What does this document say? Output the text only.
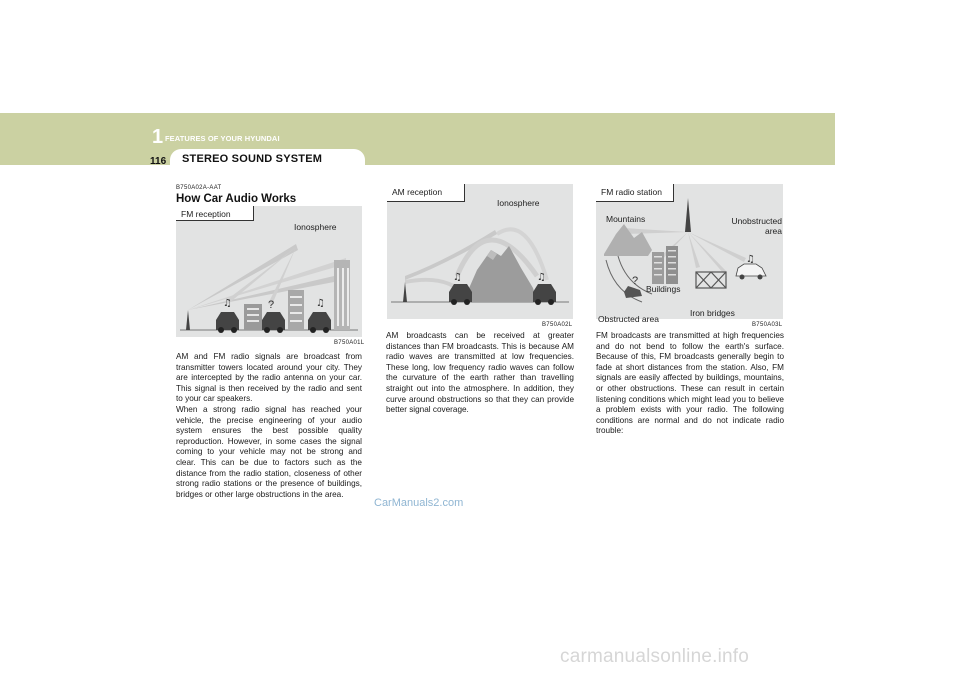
1 FEATURES OF YOUR HYUNDAI
116 STEREO SOUND SYSTEM
B750A02A-AAT
How Car Audio Works
♫	?	♫
FM reception
Ionosphere
B750A01L
♫	♫
AM reception
Ionosphere
B750A02L
?
♫
FM radio station
Mountains	Unobstructed area
Buildings
Obstructed area
Iron bridges
B750A03L

AM and FM radio signals are broadcast from transmitter towers located around your city. They are intercepted by the radio antenna on your car. This signal is then received by the radio and sent to your car speakers.

When a strong radio signal has reached your vehicle, the precise engineering of your audio system ensures the best possible quality reproduction. However, in some cases the signal coming to your vehicle may not be strong and clear. This can be due to factors such as the distance from the radio station, closeness of other strong radio stations or the presence of buildings, bridges or other large obstructions in the area.

AM broadcasts can be received at greater distances than FM broadcasts. This is because AM radio waves are transmitted at low frequencies. These long, low frequency radio waves can follow the curvature of the earth rather than travelling straight out into the atmosphere. In addition, they curve around obstructions so that they can provide better signal coverage.

FM broadcasts are transmitted at high frequencies and do not bend to follow the earth's surface. Because of this, FM broadcasts generally begin to fade at short distances from the station. Also, FM signals are easily affected by buildings, mountains, or other obstructions. These can result in certain listening conditions which might lead you to believe a problem exists with your radio. The following conditions are normal and do not indicate radio trouble:

CarManuals2.com
carmanualsonline.info
